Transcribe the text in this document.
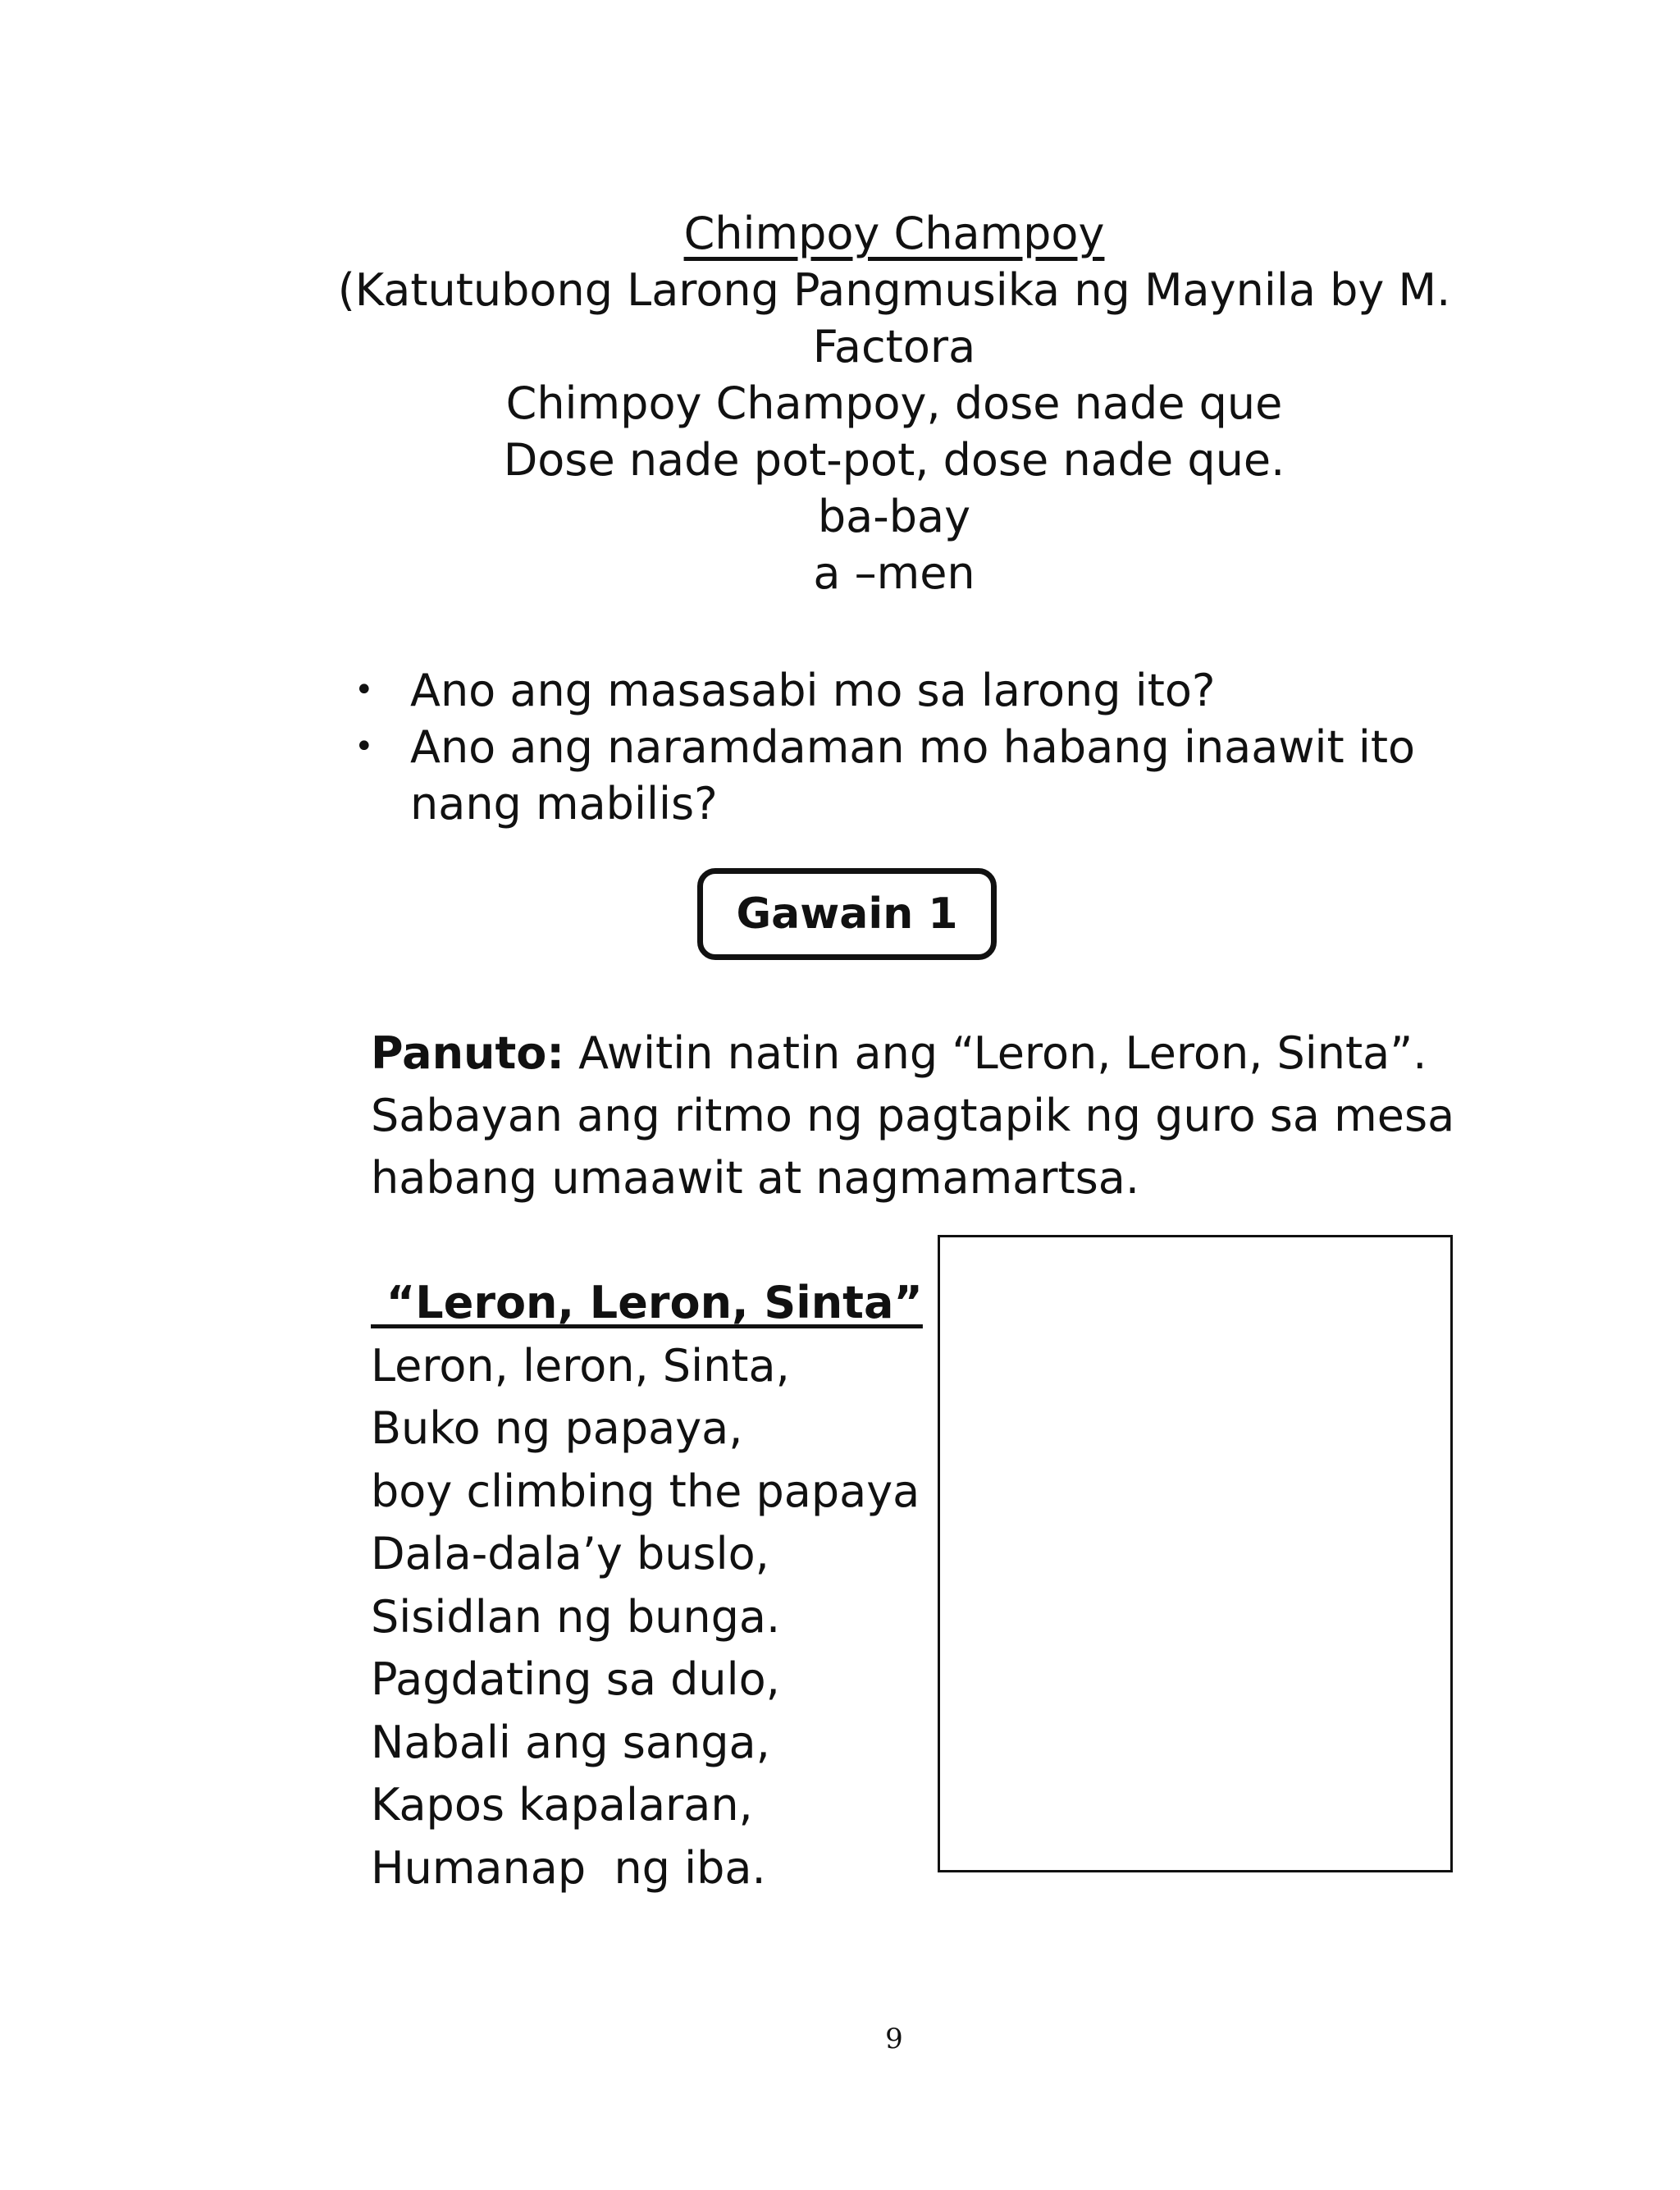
Chimpoy Champoy
(Katutubong Larong Pangmusika ng Maynila by M.
Factora
Chimpoy Champoy, dose nade que
Dose nade pot-pot, dose nade que.
ba-bay
a –men
• Ano ang masasabi mo sa larong ito?
• Ano ang naramdaman mo habang inaawit ito nang mabilis?
Gawain 1
Panuto: Awitin natin ang “Leron, Leron, Sinta”. Sabayan ang ritmo ng pagtapik ng guro sa mesa habang umaawit at nagmamartsa.
“Leron, Leron, Sinta”
Leron, leron, Sinta,
Buko ng papaya,
boy climbing the papaya
Dala-dala’y buslo,
Sisidlan ng bunga.
Pagdating sa dulo,
Nabali ang sanga,
Kapos kapalaran,
Humanap  ng iba.
9
